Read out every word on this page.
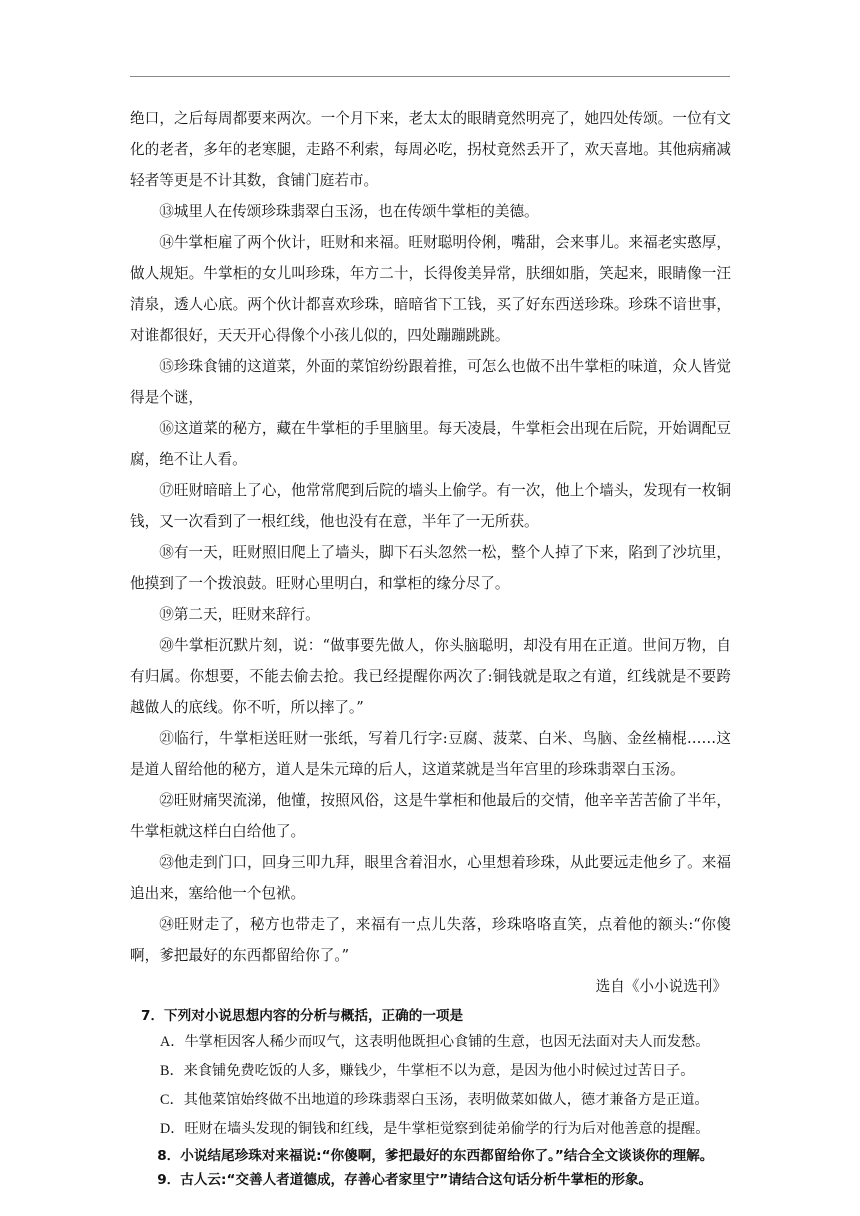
绝口，之后每周都要来两次。一个月下来，老太太的眼睛竟然明亮了，她四处传颂。一位有文化的老者，多年的老寒腿，走路不利索，每周必吃，拐杖竟然丢开了，欢天喜地。其他病痛减轻者等更是不计其数，食铺门庭若市。

⑬城里人在传颂珍珠翡翠白玉汤，也在传颂牛掌柜的美德。

⑭牛掌柜雇了两个伙计，旺财和来福。旺财聪明伶俐，嘴甜，会来事儿。来福老实憨厚，做人规矩。牛掌柜的女儿叫珍珠，年方二十，长得俊美异常，肤细如脂，笑起来，眼睛像一汪清泉，透人心底。两个伙计都喜欢珍珠，暗暗省下工钱，买了好东西送珍珠。珍珠不谙世事，对谁都很好，天天开心得像个小孩儿似的，四处蹦蹦跳跳。

⑮珍珠食铺的这道菜，外面的菜馆纷纷跟着推，可怎么也做不出牛掌柜的味道，众人皆觉得是个谜，

⑯这道菜的秘方，藏在牛掌柜的手里脑里。每天凌晨，牛掌柜会出现在后院，开始调配豆腐，绝不让人看。

⑰旺财暗暗上了心，他常常爬到后院的墙头上偷学。有一次，他上个墙头，发现有一枚铜钱，又一次看到了一根红线，他也没有在意，半年了一无所获。

⑱有一天，旺财照旧爬上了墙头，脚下石头忽然一松，整个人掉了下来，陷到了沙坑里，他摸到了一个拨浪鼓。旺财心里明白，和掌柜的缘分尽了。

⑲第二天，旺财来辞行。

⑳牛掌柜沉默片刻，说：“做事要先做人，你头脑聪明，却没有用在正道。世间万物，自有归属。你想要，不能去偷去抢。我已经提醒你两次了:铜钱就是取之有道，红线就是不要跨越做人的底线。你不听，所以摔了。”

㉑临行，牛掌柜送旺财一张纸，写着几行字:豆腐、菠菜、白米、鸟脑、金丝楠棍……这是道人留给他的秘方，道人是朱元璋的后人，这道菜就是当年宫里的珍珠翡翠白玉汤。

㉒旺财痛哭流涕，他懂，按照风俗，这是牛掌柜和他最后的交情，他辛辛苦苦偷了半年，牛掌柜就这样白白给他了。

㉓他走到门口，回身三叩九拜，眼里含着泪水，心里想着珍珠，从此要远走他乡了。来福追出来，塞给他一个包袱。

㉔旺财走了，秘方也带走了，来福有一点儿失落，珍珠咯咯直笑，点着他的额头:“你傻啊，爹把最好的东西都留给你了。”

选自《小小说选刊》

7．下列对小说思想内容的分析与概括，正确的一项是

A．牛掌柜因客人稀少而叹气，这表明他既担心食铺的生意，也因无法面对夫人而发愁。

B．来食铺免费吃饭的人多，赚钱少，牛掌柜不以为意，是因为他小时候过过苦日子。

C．其他菜馆始终做不出地道的珍珠翡翠白玉汤，表明做菜如做人，德才兼备方是正道。

D．旺财在墙头发现的铜钱和红线，是牛掌柜觉察到徒弟偷学的行为后对他善意的提醒。

8．小说结尾珍珠对来福说:“你傻啊，爹把最好的东西都留给你了。”结合全文谈谈你的理解。

9．古人云:“交善人者道德成，存善心者家里宁”请结合这句话分析牛掌柜的形象。
